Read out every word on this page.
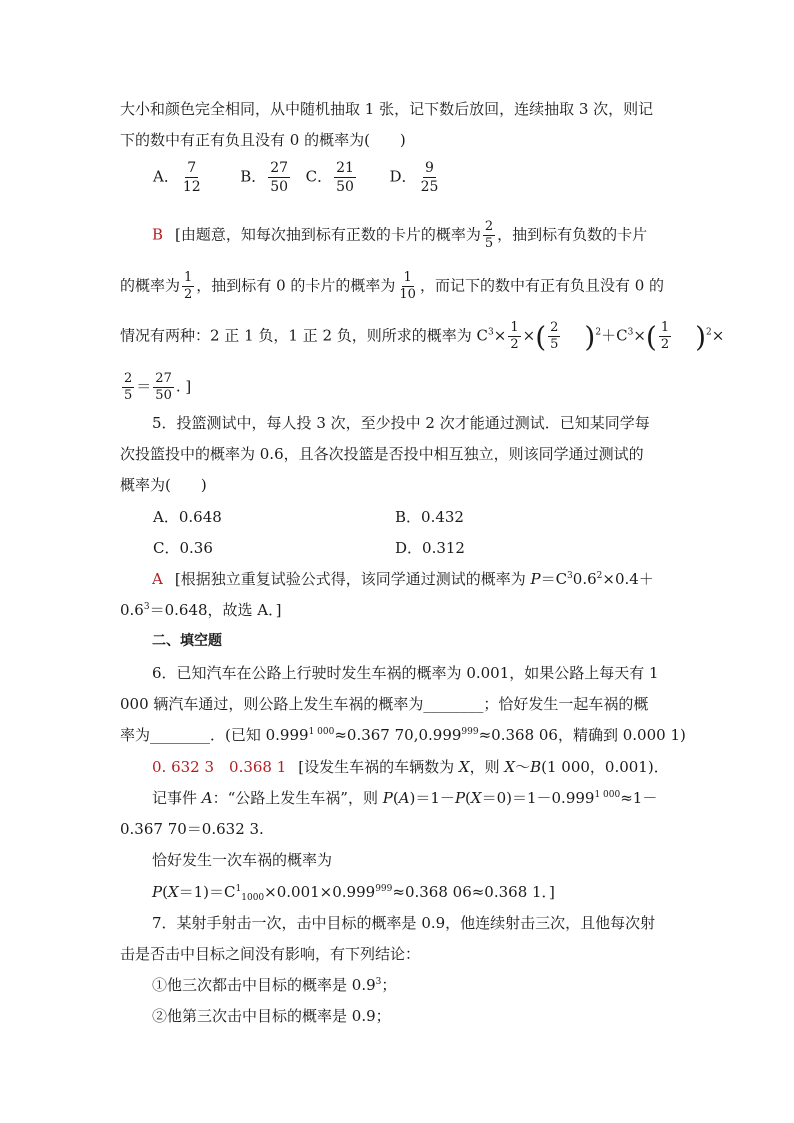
大小和颜色完全相同，从中随机抽取 1 张，记下数后放回，连续抽取 3 次，则记
下的数中有正有负且没有 0 的概率为(　　)
A． $\frac{7}{12}$	B． $\frac{27}{50}$ C． $\frac{21}{50}$ D． $\frac{9}{25}$
B [由题意，知每次抽到标有正数的卡片的概率为 $\frac{2}{5}$ ，抽到标有负数的卡片
的概率为 $\frac{1}{2}$ ，抽到标有 0 的卡片的概率为 $\frac{1}{10}$ ，而记下的数中有正有负且没有 0 的
情况有两种：2 正 1 负，1 正 2 负，则所求的概率为 $C^3\times \frac{1}{2}$ ×( $\frac{2}{5} )^2+C^3\times( \frac{1}{2} )^2\times$
$\frac{2}{5} = \frac{27}{50}$ . ]
5．投篮测试中，每人投 3 次，至少投中 2 次才能通过测试．已知某同学每
次投篮投中的概率为 0.6，且各次投篮是否投中相互独立，则该同学通过测试的
概率为(　　)
A．0.648	B．0.432
C．0.36	D．0.312
A [根据独立重复试验公式得，该同学通过测试的概率为 $P=C^30.6^2\times 0.4+$
$0.6^3=0.648$，故选 A．]
二、填空题
6．已知汽车在公路上行驶时发生车祸的概率为 0.001，如果公路上每天有 1
000 辆汽车通过，则公路上发生车祸的概率为________；恰好发生一起车祸的概
率为________．(已知 $0.999^{1 000}\approx 0.367$ $70,0.999^{999}\approx 0.368$ 06，精确到 0.000 1)
0. 632 3　0.368 1 [设发生车祸的车辆数为 X，则 X～B(1 000，0.001)．
记事件 A：“公路上发生车祸”，则 $P(A)=1-P(X=0)=1-0.999^{1 000}\approx 1-$
0.367 70＝0.632 3.
恰好发生一次车祸的概率为
$P(X=1)=C^1_{1000}\times 0.001\times 0.999^{999}\approx 0.368$ 06≈0.368 1．]
7．某射手射击一次，击中目标的概率是 0.9，他连续射击三次，且他每次射
击是否击中目标之间没有影响，有下列结论：
①他三次都击中目标的概率是 $0.9^3$；
②他第三次击中目标的概率是 0.9；
